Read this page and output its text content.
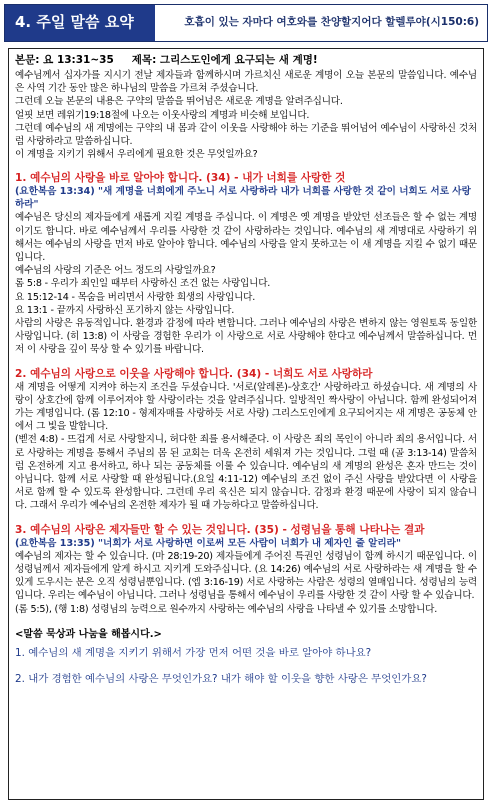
4. 주일 말씀 요약	호흡이 있는 자마다 여호와를 찬양할지어다 할렐루야(시150:6)
본문: 요 13:31~35 제목: 그리스도인에게 요구되는 새 계명!

예수님께서 십자가를 지시기 전날 제자들과 함께하시며 가르치신 새로운 계명이 오늘 본문의 말씀입니다. 예수님은 사역 기간 동안 많은 하나님의 말씀을 가르쳐 주셨습니다.

그런데 오늘 본문의 내용은 구약의 말씀을 뛰어넘은 새로운 계명을 알려주십니다.

얼핏 보면 레위기19:18절에 나오는 이웃사랑의 계명과 비슷해 보입니다.

그런데 예수님의 새 계명에는 구약의 내 몸과 같이 이웃을 사랑해야 하는 기준을 뛰어넘어 예수님이 사랑하신 것처럼 사랑하라고 말씀하십니다.

이 계명을 지키기 위해서 우리에게 필요한 것은 무엇일까요?

1. 예수님의 사랑을 바로 알아야 합니다. (34) - 내가 너희를 사랑한 것
(요한복음 13:34) "새 계명을 너희에게 주노니 서로 사랑하라 내가 너희를 사랑한 것 같이 너희도 서로 사랑하라"

예수님은 당신의 제자들에게 새롭게 지킬 계명을 주십니다. 이 계명은 옛 계명을 받았던 선조들은 할 수 없는 계명이기도 합니다. 바로 예수님께서 우리를 사랑한 것 같이 사랑하라는 것입니다. 예수님의 새 계명대로 사랑하기 위해서는 예수님의 사랑을 먼저 바로 알아야 합니다. 예수님의 사랑을 알지 못하고는 이 새 계명을 지킬 수 없기 때문입니다.

예수님의 사랑의 기준은 어느 정도의 사랑일까요?

롬 5:8 - 우리가 죄인일 때부터 사랑하신 조건 없는 사랑입니다.

요 15:12-14 - 목숨을 버리면서 사랑한 희생의 사랑입니다.

요 13:1 - 끝까지 사랑하신 포기하지 않는 사랑입니다.

사람의 사랑은 유동적입니다. 환경과 감정에 따라 변합니다. 그러나 예수님의 사랑은 변하지 않는 영원토록 동일한 사랑입니다. (히 13:8) 이 사랑을 경험한 우리가 이 사랑으로 서로 사랑해야 한다고 예수님께서 말씀하십니다. 먼저 이 사랑을 깊이 묵상 할 수 있기를 바랍니다.

2. 예수님의 사랑으로 이웃을 사랑해야 합니다. (34) - 너희도 서로 사랑하라

새 계명을 어떻게 지켜야 하는지 조건을 두셨습니다. '서로(알레론)-상호간' 사랑하라고 하셨습니다. 새 계명의 사랑이 상호간에 함께 이루어져야 할 사랑이라는 것을 알려주십니다. 일방적인 짝사랑이 아닙니다. 함께 완성되어져 가는 계명입니다. (롬 12:10 - 형제자매를 사랑하듯 서로 사랑) 그리스도인에게 요구되어지는 새 계명은 공동체 안에서 그 빛을 발합니다.

(벧전 4:8) - 뜨겁게 서로 사랑할지니, 허다한 죄를 용서해준다. 이 사랑은 죄의 목인이 아니라 죄의 용서입니다. 서로 사랑하는 계명을 통해서 주님의 몸 된 교회는 더욱 온전히 세워져 가는 것입니다. 그럴 때 (골 3:13-14) 말씀처럼 온전하게 지고 용서하고, 하나 되는 공동체를 이룰 수 있습니다. 예수님의 새 계명의 완성은 혼자 만드는 것이 아닙니다. 함께 서로 사랑할 때 완성됩니다.(요일 4:11-12) 예수님의 조건 없이 주신 사랑을 받았다면 이 사랑을 서로 함께 할 수 있도록 완성합니다. 그런데 우리 육신은 되지 않습니다. 감정과 환경 때문에 사랑이 되지 않습니다. 그래서 우리가 예수님의 온전한 제자가 될 때 가능하다고 말씀하십니다.

3. 예수님의 사랑은 제자들만 할 수 있는 것입니다. (35) - 성령님을 통해 나타나는 결과
(요한복음 13:35) "너희가 서로 사랑하면 이로써 모든 사람이 너희가 내 제자인 줄 알리라"

예수님의 제자는 할 수 있습니다. (마 28:19-20) 제자들에게 주어진 특권인 성령님이 함께 하시기 때문입니다. 이 성령님께서 제자들에게 알게 하시고 지키게 도와주십니다. (요 14:26) 예수님의 서로 사랑하라는 새 계명을 할 수 있게 도우시는 분은 오직 성령님뿐입니다. (엡 3:16-19) 서로 사랑하는 사람은 성령의 열매입니다. 성령님의 능력입니다. 우리는 예수님이 아닙니다. 그러나 성령님을 통해서 예수님이 우리를 사랑한 것 같이 사랑 할 수 있습니다.

(롬 5:5), (행 1:8) 성령님의 능력으로 원수까지 사랑하는 예수님의 사랑을 나타낼 수 있기를 소망합니다.

<말씀 묵상과 나눔을 해봅시다.>
1. 예수님의 새 계명을 지키기 위해서 가장 먼저 어떤 것을 바로 알아야 하나요?
2. 내가 경험한 예수님의 사랑은 무엇인가요? 내가 해야 할 이웃을 향한 사랑은 무엇인가요?
